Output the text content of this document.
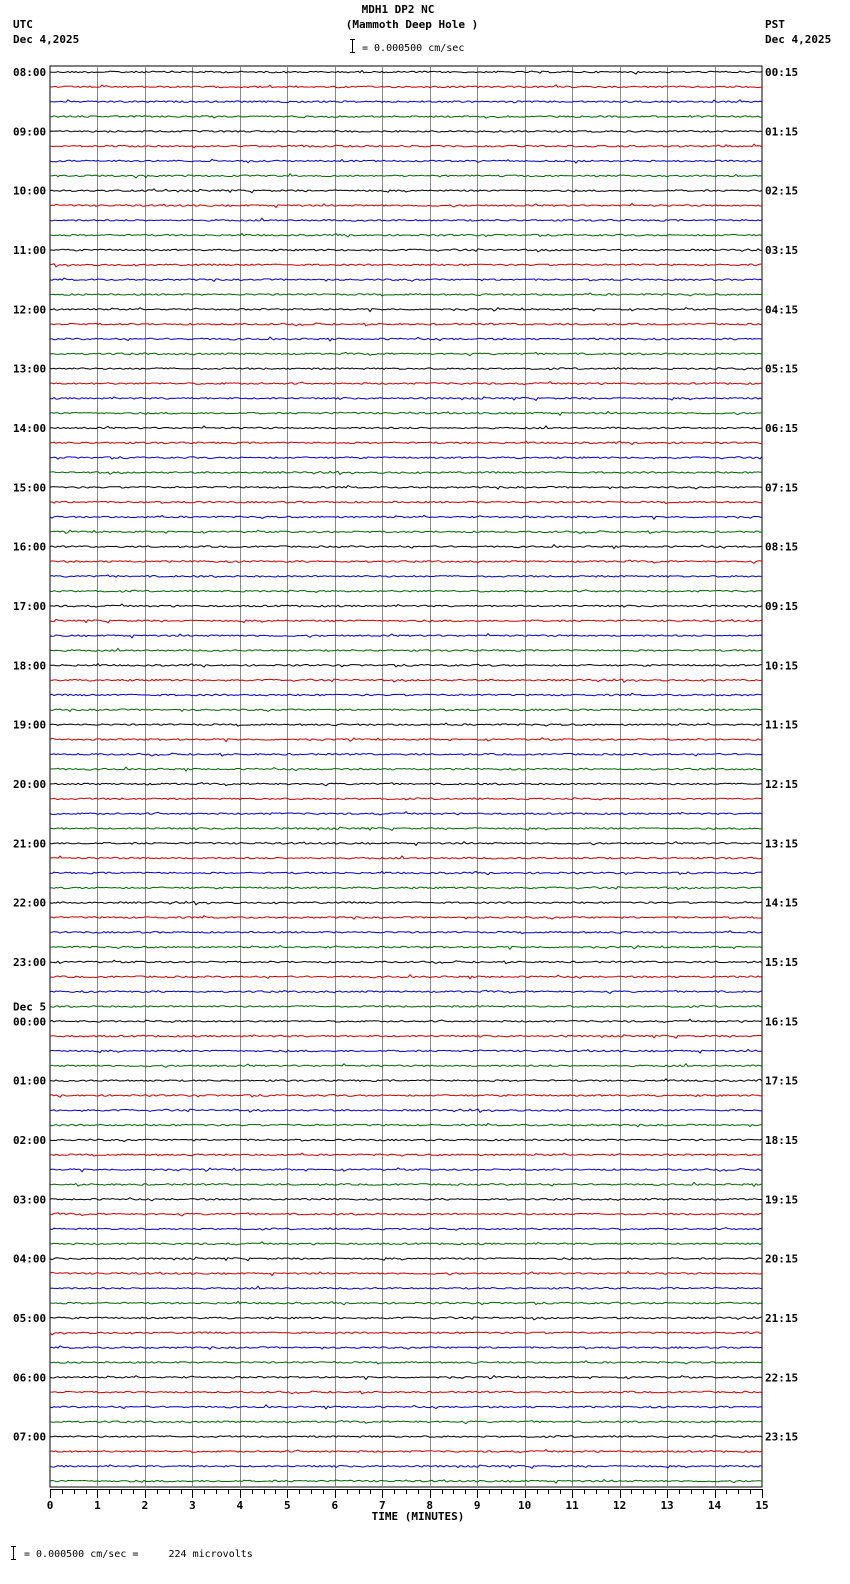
MDH1 DP2 NC
(Mammoth Deep Hole )
= 0.000500 cm/sec
UTC
Dec 4,2025
PST
Dec 4,2025
08:00
09:00
10:00
11:00
12:00
13:00
14:00
15:00
16:00
17:00
18:00
19:00
20:00
21:00
22:00
23:00
00:00
Dec 5
01:00
02:00
03:00
04:00
05:00
06:00
07:00
00:15
01:15
02:15
03:15
04:15
05:15
06:15
07:15
08:15
09:15
10:15
11:15
12:15
13:15
14:15
15:15
16:15
17:15
18:15
19:15
20:15
21:15
22:15
23:15
0	1	2	3	4	5	6	7	8	9	10	11	12	13	14	15
TIME (MINUTES)
= 0.000500 cm/sec =     224 microvolts
